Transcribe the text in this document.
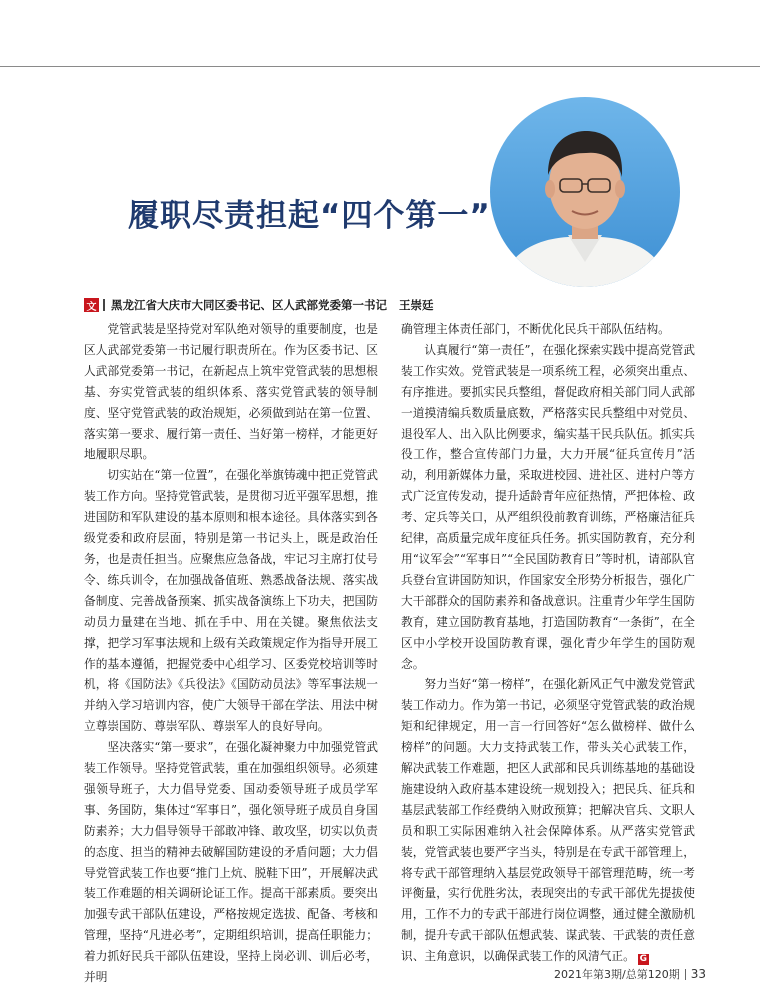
履职尽责担起“四个第一”
文 黑龙江省大庆市大同区委书记、区人武部党委第一书记 王崇廷

党管武装是坚持党对军队绝对领导的重要制度，也是区人武部党委第一书记履行职责所在。作为区委书记、区人武部党委第一书记，在新起点上筑牢党管武装的思想根基、夯实党管武装的组织体系、落实党管武装的领导制度、坚守党管武装的政治规矩，必须做到站在第一位置、落实第一要求、履行第一责任、当好第一榜样，才能更好地履职尽职。

切实站在“第一位置”，在强化举旗铸魂中把正党管武装工作方向。坚持党管武装，是贯彻习近平强军思想，推进国防和军队建设的基本原则和根本途径。具体落实到各级党委和政府层面，特别是第一书记头上，既是政治任务，也是责任担当。应聚焦应急备战，牢记习主席打仗号令、练兵训令，在加强战备值班、熟悉战备法规、落实战备制度、完善战备预案、抓实战备演练上下功夫，把国防动员力量建在当地、抓在手中、用在关键。聚焦依法支撑，把学习军事法规和上级有关政策规定作为指导开展工作的基本遵循，把握党委中心组学习、区委党校培训等时机，将《国防法》《兵役法》《国防动员法》等军事法规一并纳入学习培训内容，使广大领导干部在学法、用法中树立尊崇国防、尊崇军队、尊崇军人的良好导向。

坚决落实“第一要求”，在强化凝神聚力中加强党管武装工作领导。坚持党管武装，重在加强组织领导。必须建强领导班子，大力倡导党委、国动委领导班子成员学军事、务国防，集体过“军事日”，强化领导班子成员自身国防素养；大力倡导领导干部敢冲锋、敢攻坚，切实以负责的态度、担当的精神去破解国防建设的矛盾问题；大力倡导党管武装工作也要“推门上炕、脱鞋下田”，开展解决武装工作难题的相关调研论证工作。提高干部素质。要突出加强专武干部队伍建设，严格按规定选拔、配备、考核和管理，坚持“凡进必考”，定期组织培训，提高任职能力；着力抓好民兵干部队伍建设，坚持上岗必训、训后必考，并明

确管理主体责任部门，不断优化民兵干部队伍结构。

认真履行“第一责任”，在强化探索实践中提高党管武装工作实效。党管武装是一项系统工程，必须突出重点、有序推进。要抓实民兵整组，督促政府相关部门同人武部一道摸清编兵数质量底数，严格落实民兵整组中对党员、退役军人、出入队比例要求，编实基干民兵队伍。抓实兵役工作，整合宣传部门力量，大力开展“征兵宣传月”活动，利用新媒体力量，采取进校园、进社区、进村户等方式广泛宣传发动，提升适龄青年应征热情，严把体检、政考、定兵等关口，从严组织役前教育训练，严格廉洁征兵纪律，高质量完成年度征兵任务。抓实国防教育，充分利用“议军会”“军事日”“全民国防教育日”等时机，请部队官兵登台宣讲国防知识，作国家安全形势分析报告，强化广大干部群众的国防素养和备战意识。注重青少年学生国防教育，建立国防教育基地，打造国防教育“一条街”，在全区中小学校开设国防教育课，强化青少年学生的国防观念。

努力当好“第一榜样”，在强化新风正气中激发党管武装工作动力。作为第一书记，必须坚守党管武装的政治规矩和纪律规定，用一言一行回答好“怎么做榜样、做什么榜样”的问题。大力支持武装工作，带头关心武装工作，解决武装工作难题，把区人武部和民兵训练基地的基础设施建设纳入政府基本建设统一规划投入；把民兵、征兵和基层武装部工作经费纳入财政预算；把解决官兵、文职人员和职工实际困难纳入社会保障体系。从严落实党管武装，党管武装也要严字当头，特别是在专武干部管理上，将专武干部管理纳入基层党政领导干部管理范畴，统一考评衡量，实行优胜劣汰，表现突出的专武干部优先提拔使用，工作不力的专武干部进行岗位调整，通过健全激励机制，提升专武干部队伍想武装、谋武装、干武装的责任意识、主角意识，以确保武装工作的风清气正。 G

2021年第3期/总第120期 33
